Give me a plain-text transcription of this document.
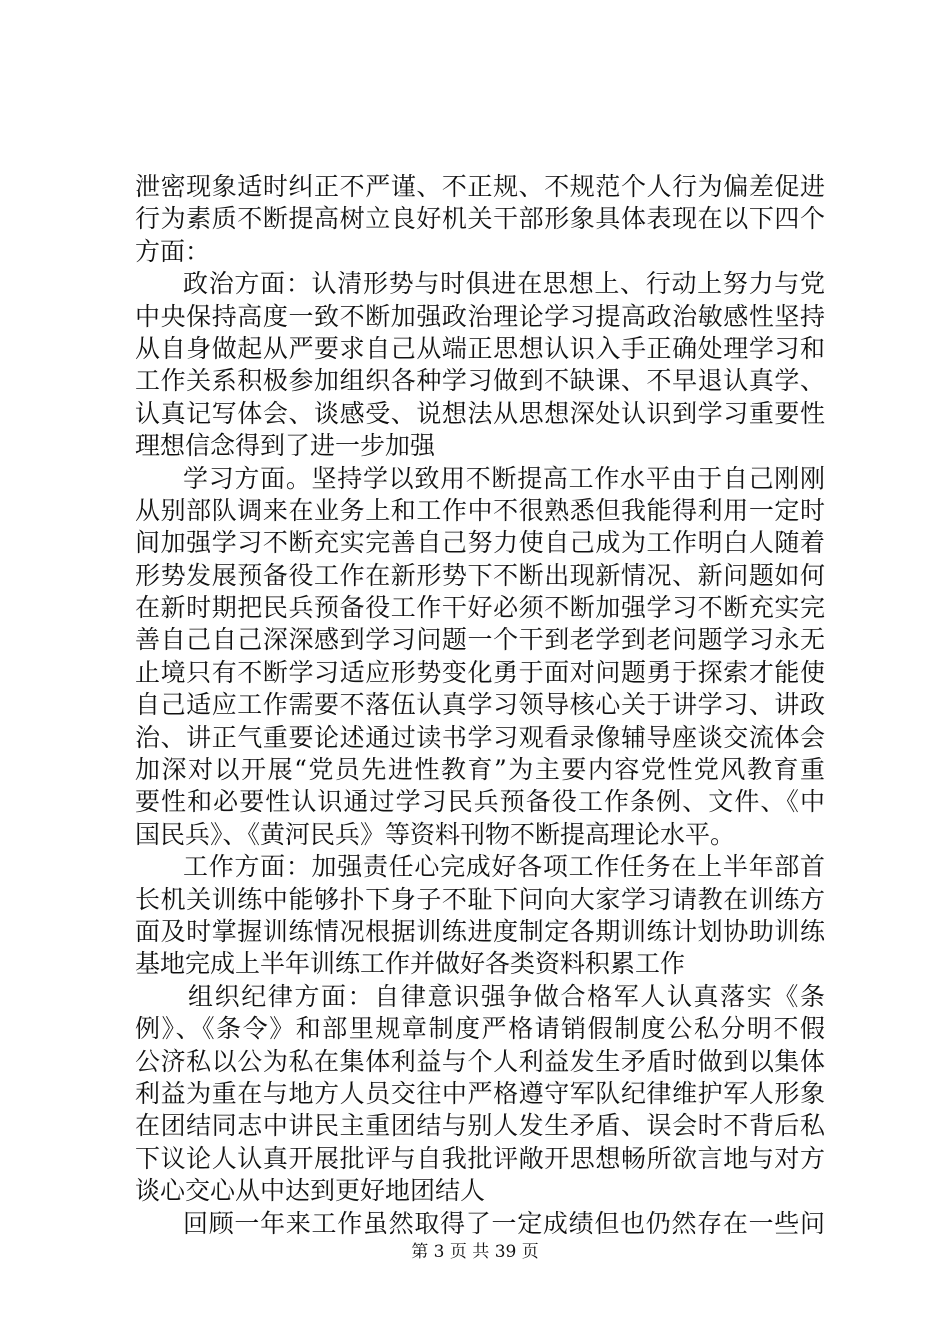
泄密现象适时纠正不严谨、不正规、不规范个人行为偏差促进
行为素质不断提高树立良好机关干部形象具体表现在以下四个
方面：
政治方面：认清形势与时俱进在思想上、行动上努力与党
中央保持高度一致不断加强政治理论学习提高政治敏感性坚持
从自身做起从严要求自己从端正思想认识入手正确处理学习和
工作关系积极参加组织各种学习做到不缺课、不早退认真学、
认真记写体会、谈感受、说想法从思想深处认识到学习重要性
理想信念得到了进一步加强
学习方面。坚持学以致用不断提高工作水平由于自己刚刚
从别部队调来在业务上和工作中不很熟悉但我能得利用一定时
间加强学习不断充实完善自己努力使自己成为工作明白人随着
形势发展预备役工作在新形势下不断出现新情况、新问题如何
在新时期把民兵预备役工作干好必须不断加强学习不断充实完
善自己自己深深感到学习问题一个干到老学到老问题学习永无
止境只有不断学习适应形势变化勇于面对问题勇于探索才能使
自己适应工作需要不落伍认真学习领导核心关于讲学习、讲政
治、讲正气重要论述通过读书学习观看录像辅导座谈交流体会
加深对以开展“党员先进性教育”为主要内容党性党风教育重
要性和必要性认识通过学习民兵预备役工作条例、文件、《中
国民兵》、《黄河民兵》等资料刊物不断提高理论水平。
工作方面：加强责任心完成好各项工作任务在上半年部首
长机关训练中能够扑下身子不耻下问向大家学习请教在训练方
面及时掌握训练情况根据训练进度制定各期训练计划协助训练
基地完成上半年训练工作并做好各类资料积累工作
组织纪律方面：自律意识强争做合格军人认真落实《条
例》、《条令》和部里规章制度严格请销假制度公私分明不假
公济私以公为私在集体利益与个人利益发生矛盾时做到以集体
利益为重在与地方人员交往中严格遵守军队纪律维护军人形象
在团结同志中讲民主重团结与别人发生矛盾、误会时不背后私
下议论人认真开展批评与自我批评敞开思想畅所欲言地与对方
谈心交心从中达到更好地团结人
回顾一年来工作虽然取得了一定成绩但也仍然存在一些问
第 3 页 共 39 页
